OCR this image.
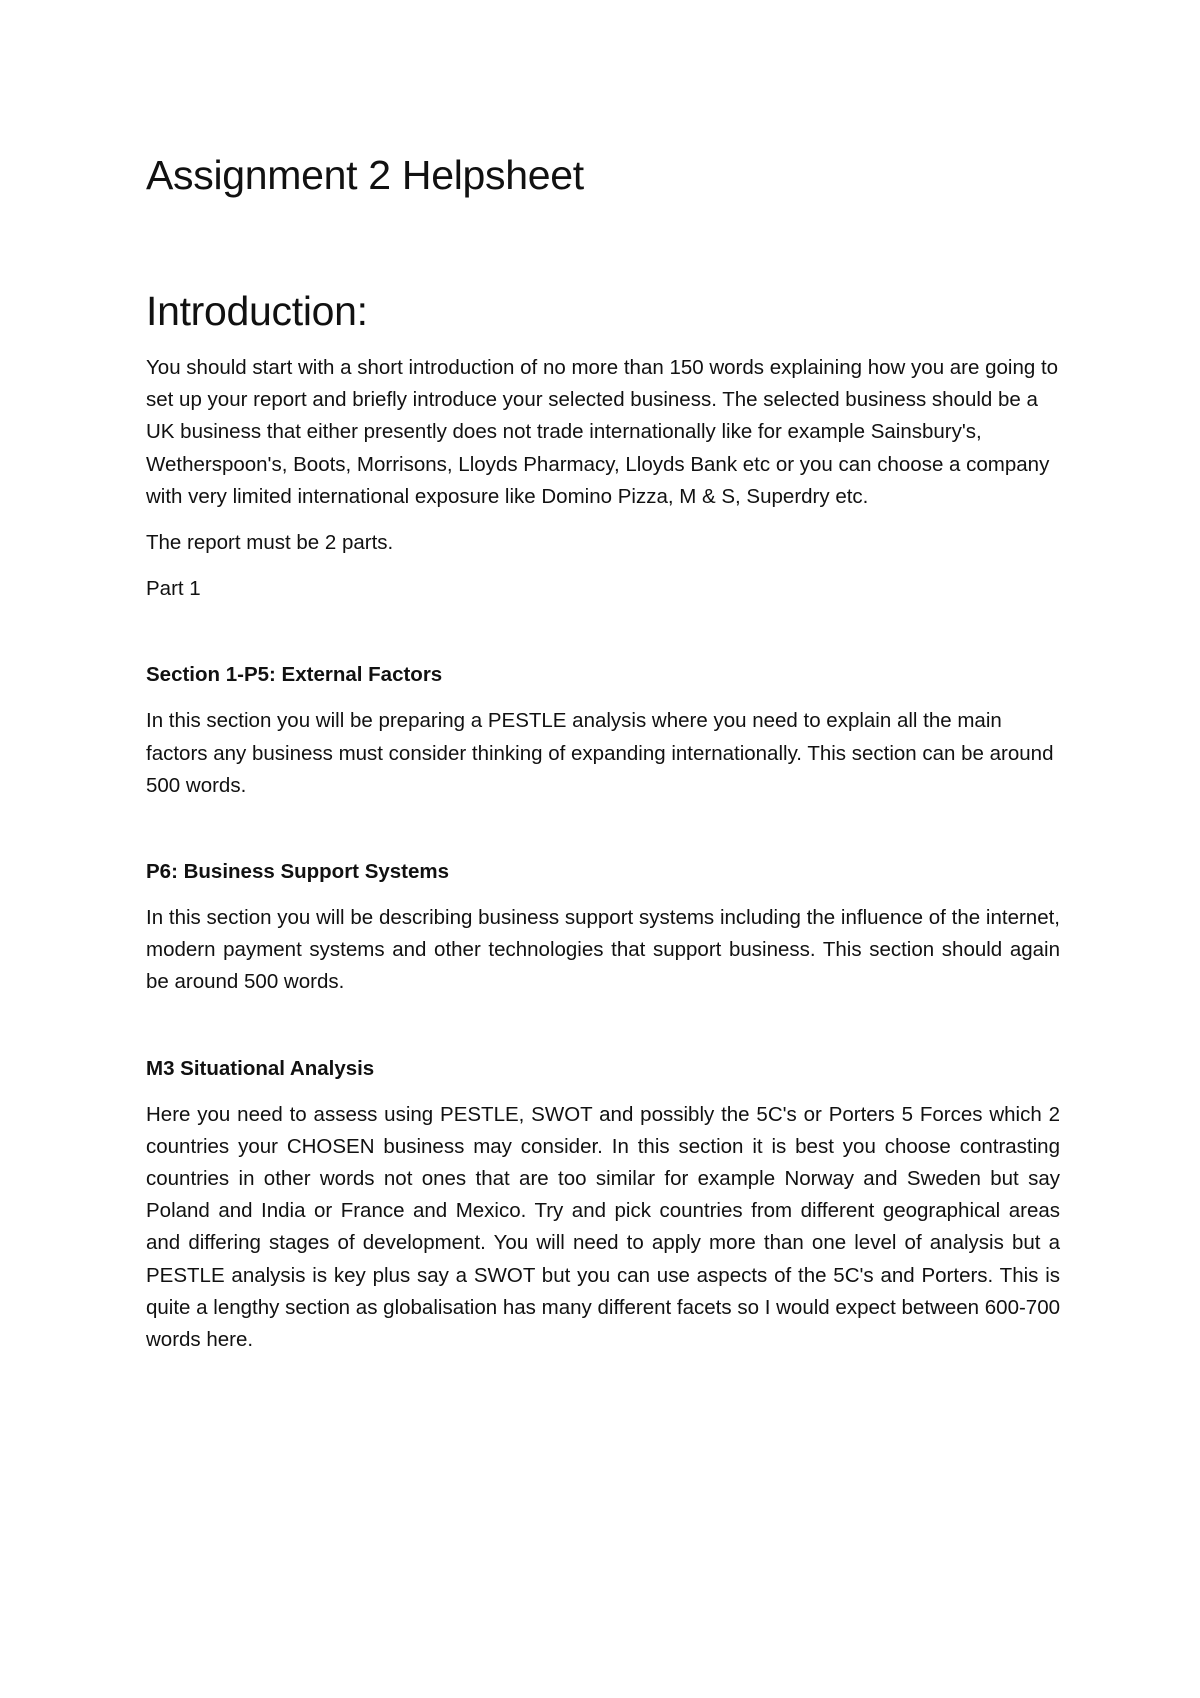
Assignment 2 Helpsheet
Introduction:

You should start with a short introduction of no more than 150 words explaining how you are going to set up your report and briefly introduce your selected business. The selected business should be a UK business that either presently does not trade internationally like for example Sainsbury's, Wetherspoon's, Boots, Morrisons, Lloyds Pharmacy, Lloyds Bank etc or you can choose a company with very limited international exposure like Domino Pizza, M & S, Superdry etc.

The report must be 2 parts.

Part 1

Section 1-P5: External Factors

In this section you will be preparing a PESTLE analysis where you need to explain all the main factors any business must consider thinking of expanding internationally. This section can be around 500 words.

P6: Business Support Systems

In this section you will be describing business support systems including the influence of the internet, modern payment systems and other technologies that support business. This section should again be around 500 words.

M3 Situational Analysis

Here you need to assess using PESTLE, SWOT and possibly the 5C's or Porters 5 Forces which 2 countries your CHOSEN business may consider. In this section it is best you choose contrasting countries in other words not ones that are too similar for example Norway and Sweden but say Poland and India or France and Mexico. Try and pick countries from different geographical areas and differing stages of development. You will need to apply more than one level of analysis but a PESTLE analysis is key plus say a SWOT but you can use aspects of the 5C's and Porters. This is quite a lengthy section as globalisation has many different facets so I would expect between 600-700 words here.
